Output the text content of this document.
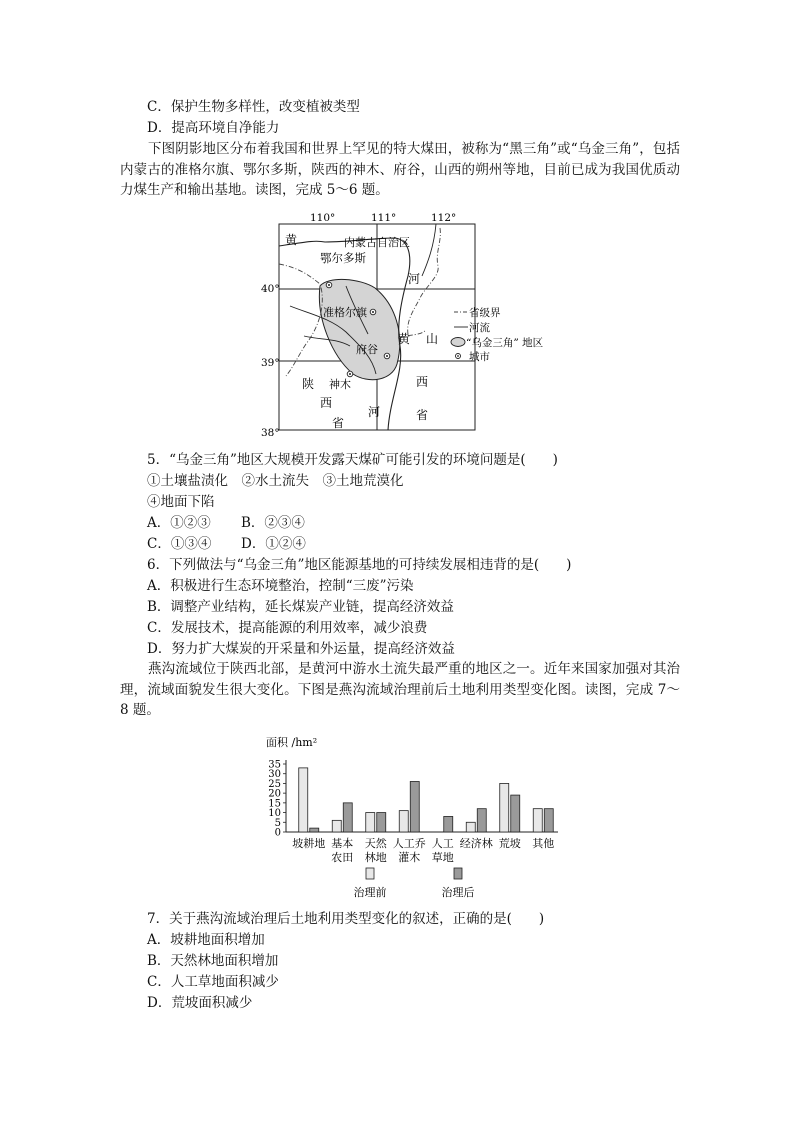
C．保护生物多样性，改变植被类型
D．提高环境自净能力
下图阴影地区分布着我国和世界上罕见的特大煤田，被称为“黑三角”或“乌金三角”，包括内蒙古的准格尔旗、鄂尔多斯，陕西的神木、府谷，山西的朔州等地，目前已成为我国优质动力煤生产和输出基地。读图，完成 5～6 题。
110°	111°	112°
40°
39°
38°
黄	内蒙古自治区
鄂尔多斯
河
准格尔旗
黄 山
府谷
陕 神木
西
省
河
西
省
省级界
河流
“乌金三角” 地区
城市
5．“乌金三角”地区大规模开发露天煤矿可能引发的环境问题是(　　)
①土壤盐渍化　②水土流失　③土地荒漠化
④地面下陷
A．①②③ B．②③④
C．①③④ D．①②④
6．下列做法与“乌金三角”地区能源基地的可持续发展相违背的是(　　)
A．积极进行生态环境整治，控制“三废”污染
B．调整产业结构，延长煤炭产业链，提高经济效益
C．发展技术，提高能源的利用效率，减少浪费
D．努力扩大煤炭的开采量和外运量，提高经济效益
燕沟流域位于陕西北部，是黄河中游水土流失最严重的地区之一。近年来国家加强对其治理，流域面貌发生很大变化。下图是燕沟流域治理前后土地利用类型变化图。读图，完成 7～8 题。
面积 /hm²
35
30
25
20
15
10
5
0
坡耕地 基本
农田
天然
林地
人工乔
灌木
人工
草地
经济林 荒坡 其他
治理前	治理后
7．关于燕沟流域治理后土地利用类型变化的叙述，正确的是(　　)
A．坡耕地面积增加
B．天然林地面积增加
C．人工草地面积减少
D．荒坡面积减少
